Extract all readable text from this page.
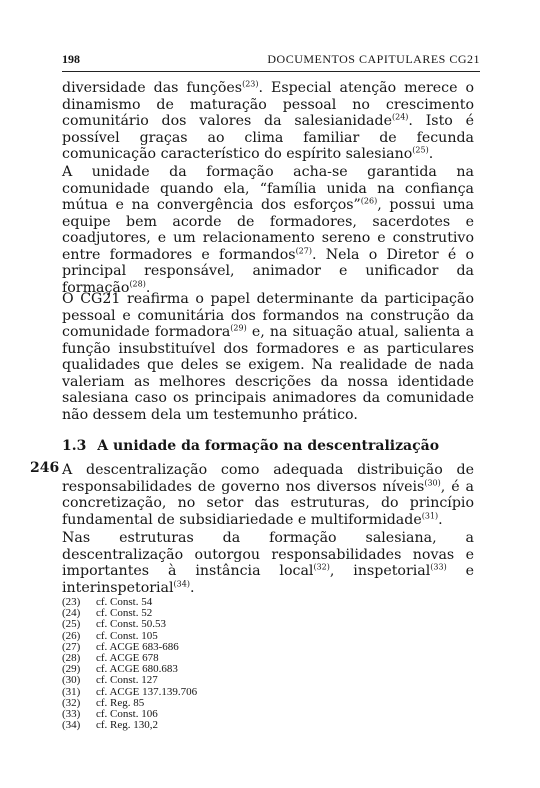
198	DOCUMENTOS CAPITULARES CG21

diversidade das funções$^{(23)}$. Especial atenção merece o dinamismo de maturação pessoal no crescimento comunitário dos valores da salesianidade$^{(24)}$. Isto é possível graças ao clima familiar de fecunda comunicação característico do espírito salesiano$^{(25)}$.

A unidade da formação acha-se garantida na comunidade quando ela, “família unida na confiança mútua e na convergência dos esforços”$^{(26)}$, possui uma equipe bem acorde de formadores, sacerdotes e coadjutores, e um relacionamento sereno e construtivo entre formadores e formandos$^{(27)}$. Nela o Diretor é o principal responsável, animador e unificador da formação$^{(28)}$.

O CG21 reafirma o papel determinante da participação pessoal e comunitária dos formandos na construção da comunidade formadora$^{(29)}$ e, na situação atual, salienta a função insubstituível dos formadores e as particulares qualidades que deles se exigem. Na realidade de nada valeriam as melhores descrições da nossa identidade salesiana caso os principais animadores da comunidade não dessem dela um testemunho prático.

1.3 A unidade da formação na descentralização
246 A descentralização como adequada distribuição de responsabilidades de governo nos diversos níveis$^{(30)}$, é a concretização, no setor das estruturas, do princípio fundamental de subsidiariedade e multiformidade$^{(31)}$.

Nas estruturas da formação salesiana, a descentralização outorgou responsabilidades novas e importantes à instância local$^{(32)}$, inspetorial$^{(33)}$ e interinspetorial$^{(34)}$.

(23)	cf. Const. 54
(24)	cf. Const. 52
(25)	cf. Const. 50.53
(26)	cf. Const. 105
(27)	cf. ACGE 683-686
(28)	cf. ACGE 678
(29)	cf. ACGE 680.683
(30)	cf. Const. 127
(31)	cf. ACGE 137.139.706
(32)	cf. Reg. 85
(33)	cf. Const. 106
(34)	cf. Reg. 130,2
